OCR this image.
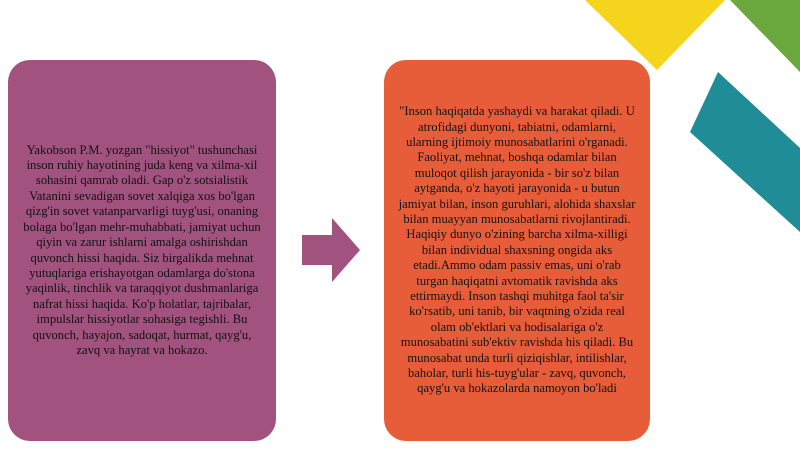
Yakobson P.M. yozgan "hissiyot" tushunchasi inson ruhiy hayotining juda keng va xilma-xil sohasini qamrab oladi. Gap o'z sotsialistik Vatanini sevadigan sovet xalqiga xos bo'lgan qizg'in sovet vatanparvarligi tuyg'usi, onaning bolaga bo'lgan mehr-muhabbati, jamiyat uchun qiyin va zarur ishlarni amalga oshirishdan quvonch hissi haqida. Siz birgalikda mehnat yutuqlariga erishayotgan odamlarga do'stona yaqinlik, tinchlik va taraqqiyot dushmanlariga nafrat hissi haqida. Ko'p holatlar, tajribalar, impulslar hissiyotlar sohasiga tegishli. Bu quvonch, hayajon, sadoqat, hurmat, qayg'u, zavq va hayrat va hokazo.

"Inson haqiqatda yashaydi va harakat qiladi. U atrofidagi dunyoni, tabiatni, odamlarni, ularning ijtimoiy munosabatlarini o'rganadi. Faoliyat, mehnat, boshqa odamlar bilan muloqot qilish jarayonida - bir so'z bilan aytganda, o'z hayoti jarayonida - u butun jamiyat bilan, inson guruhlari, alohida shaxslar bilan muayyan munosabatlarni rivojlantiradi. Haqiqiy dunyo o'zining barcha xilma-xilligi bilan individual shaxsning ongida aks etadi.Ammo odam passiv emas, uni o'rab turgan haqiqatni avtomatik ravishda aks ettirmaydi. Inson tashqi muhitga faol ta'sir ko'rsatib, uni tanib, bir vaqtning o'zida real olam ob'ektlari va hodisalariga o'z munosabatini sub'ektiv ravishda his qiladi. Bu munosabat unda turli qiziqishlar, intilishlar, baholar, turli his-tuyg'ular - zavq, quvonch, qayg'u va hokazolarda namoyon bo'ladi
